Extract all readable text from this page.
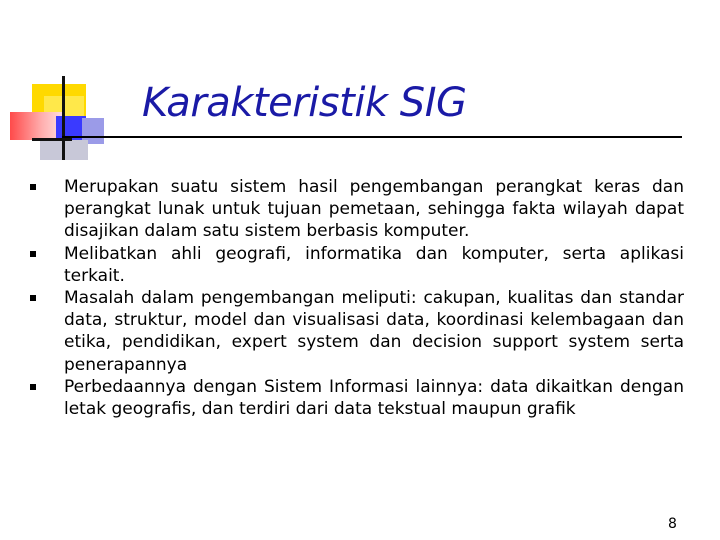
Karakteristik SIG
Merupakan suatu sistem hasil pengembangan perangkat keras dan perangkat lunak untuk tujuan pemetaan, sehingga fakta wilayah dapat disajikan dalam satu sistem berbasis komputer.
Melibatkan ahli geografi, informatika dan komputer, serta aplikasi terkait.
Masalah dalam pengembangan meliputi: cakupan, kualitas dan standar data, struktur, model dan visualisasi data, koordinasi kelembagaan dan etika, pendidikan, expert system dan decision support system serta penerapannya
Perbedaannya dengan Sistem Informasi lainnya: data dikaitkan dengan letak geografis, dan terdiri dari data tekstual maupun grafik
8
